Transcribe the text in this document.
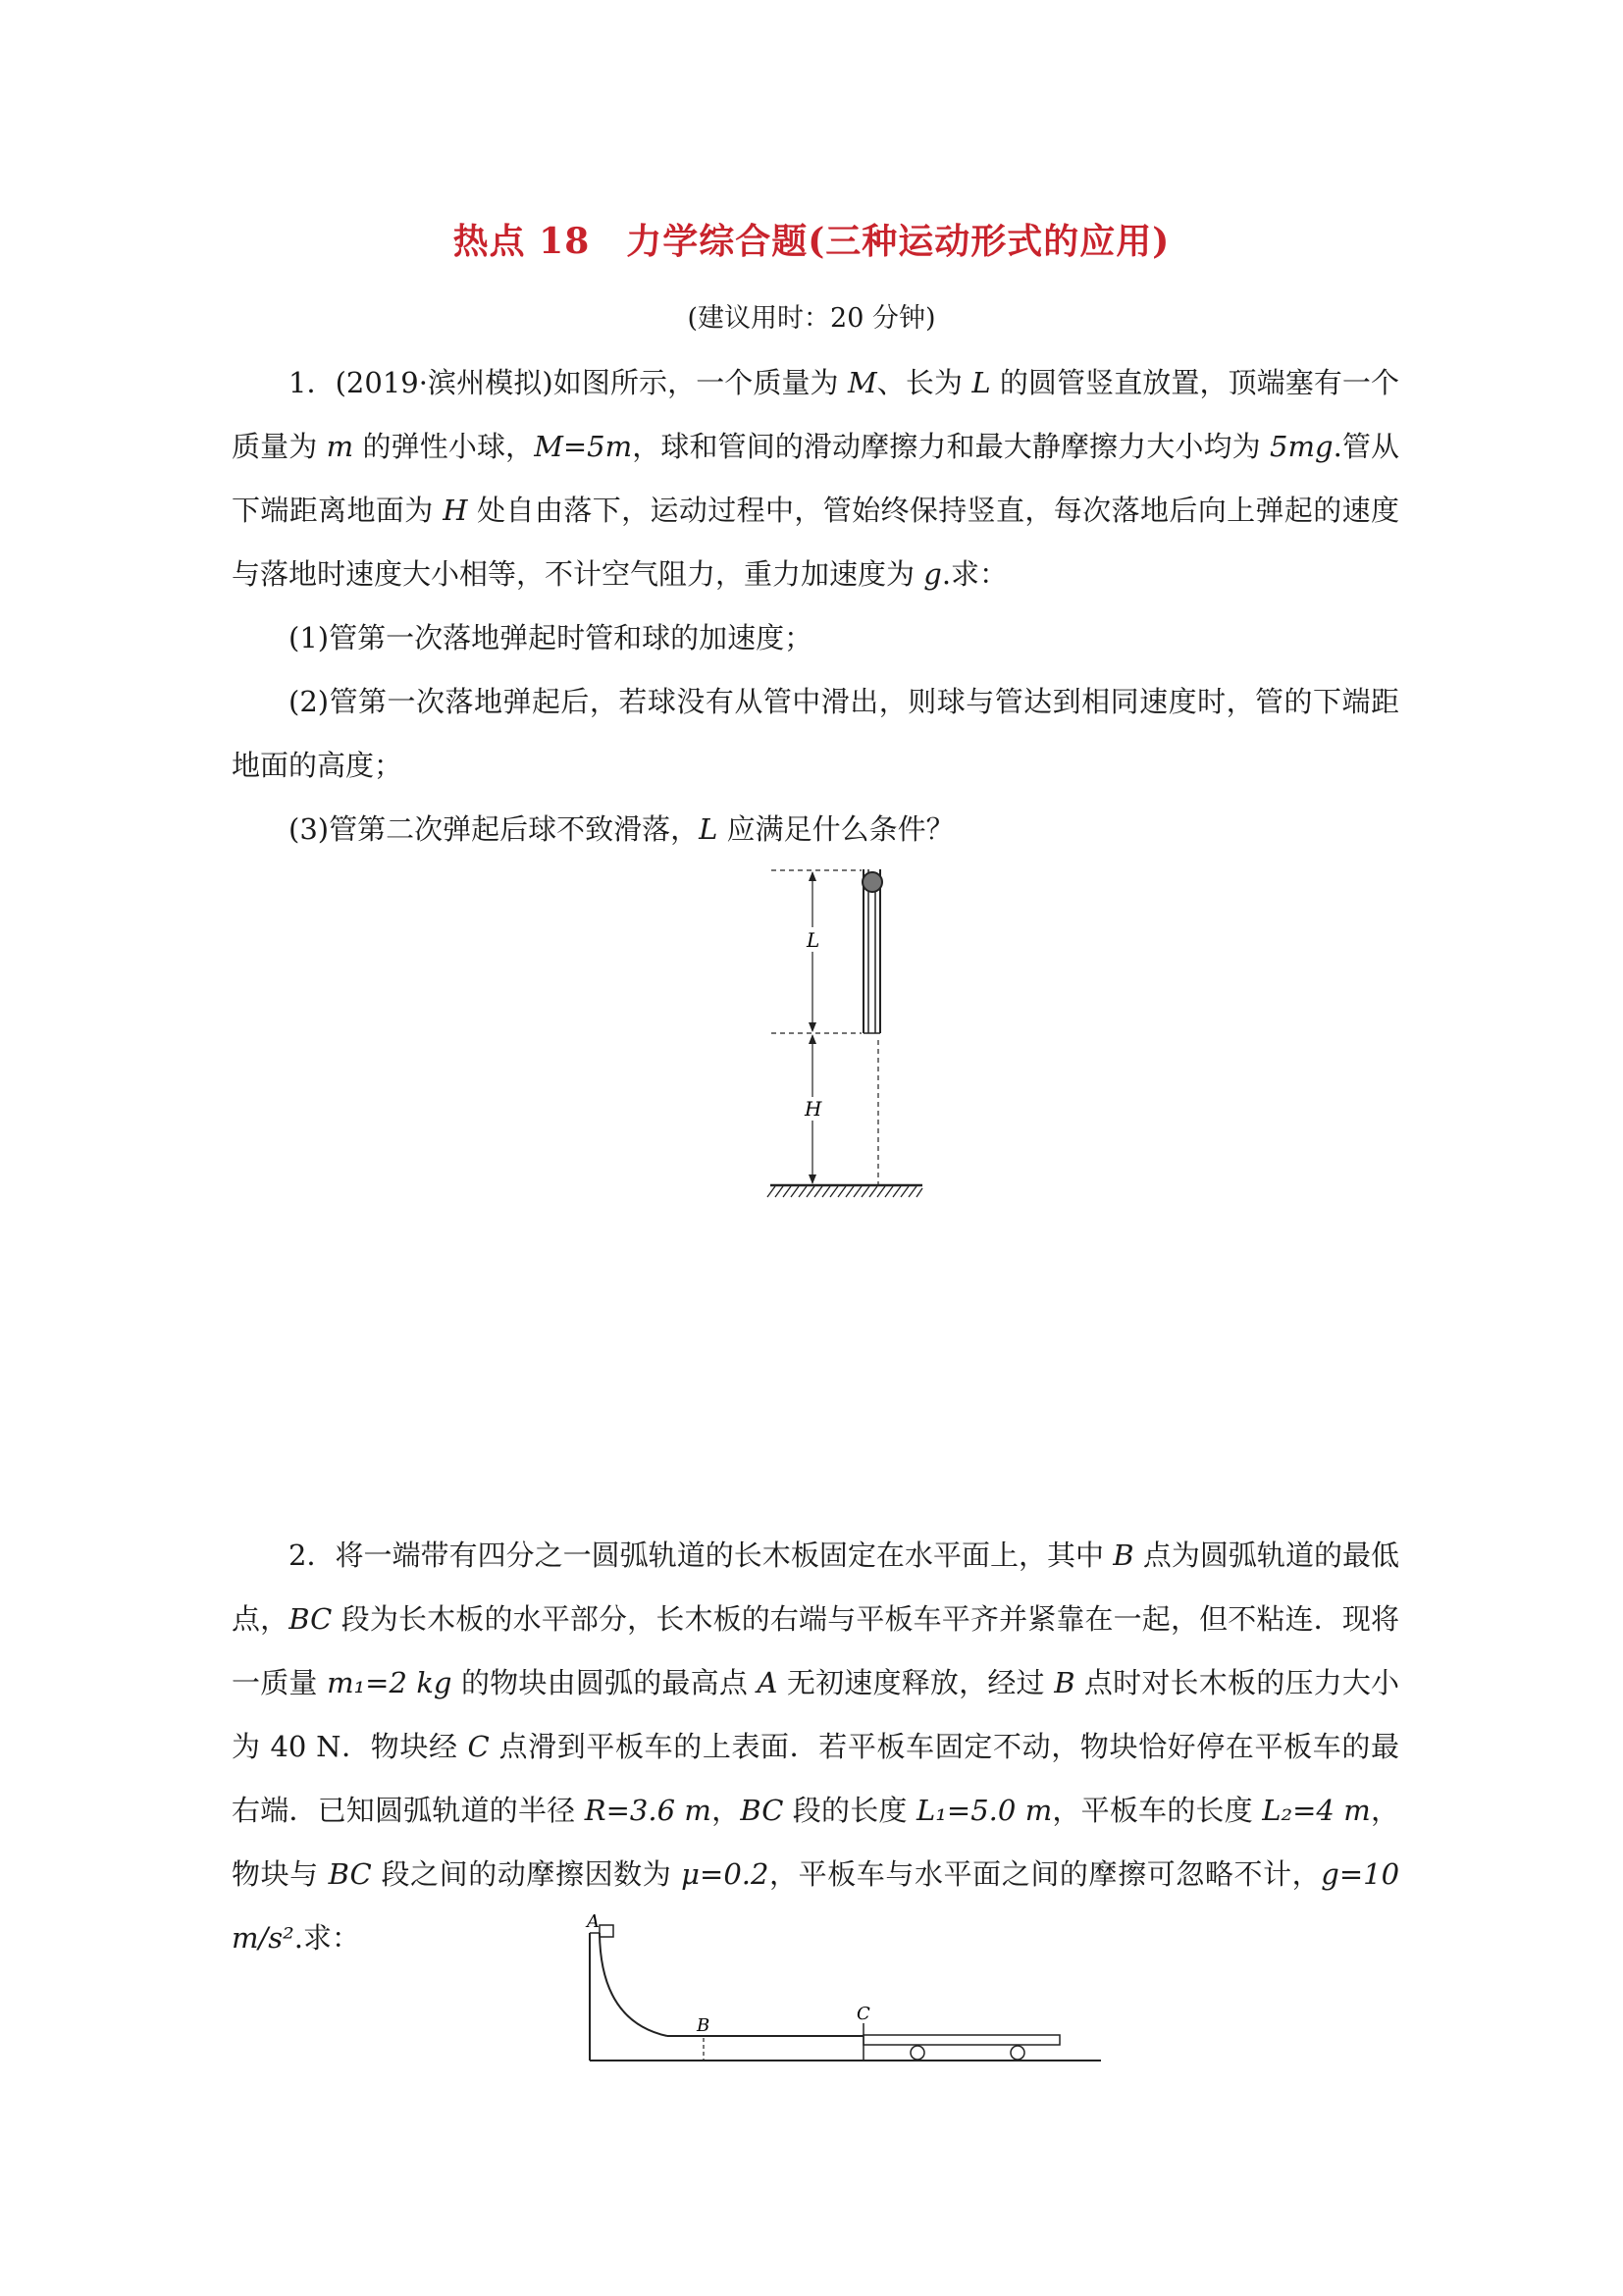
热点 18　力学综合题(三种运动形式的应用)
(建议用时：20 分钟)

1．(2019·滨州模拟)如图所示，一个质量为 M、长为 L 的圆管竖直放置，顶端塞有一个质量为 m 的弹性小球，M=5m，球和管间的滑动摩擦力和最大静摩擦力大小均为 5mg.管从下端距离地面为 H 处自由落下，运动过程中，管始终保持竖直，每次落地后向上弹起的速度与落地时速度大小相等，不计空气阻力，重力加速度为 g.求：

(1)管第一次落地弹起时管和球的加速度；

(2)管第一次落地弹起后，若球没有从管中滑出，则球与管达到相同速度时，管的下端距地面的高度；

(3)管第二次弹起后球不致滑落，L 应满足什么条件？

L
H

2．将一端带有四分之一圆弧轨道的长木板固定在水平面上，其中 B 点为圆弧轨道的最低点，BC 段为长木板的水平部分，长木板的右端与平板车平齐并紧靠在一起，但不粘连．现将一质量 m₁=2 kg 的物块由圆弧的最高点 A 无初速度释放，经过 B 点时对长木板的压力大小为 40 N．物块经 C 点滑到平板车的上表面．若平板车固定不动，物块恰好停在平板车的最右端．已知圆弧轨道的半径 R=3.6 m，BC 段的长度 L₁=5.0 m，平板车的长度 L₂=4 m，物块与 BC 段之间的动摩擦因数为 μ=0.2，平板车与水平面之间的摩擦可忽略不计，g=10 m/s².求：	A
B
C
